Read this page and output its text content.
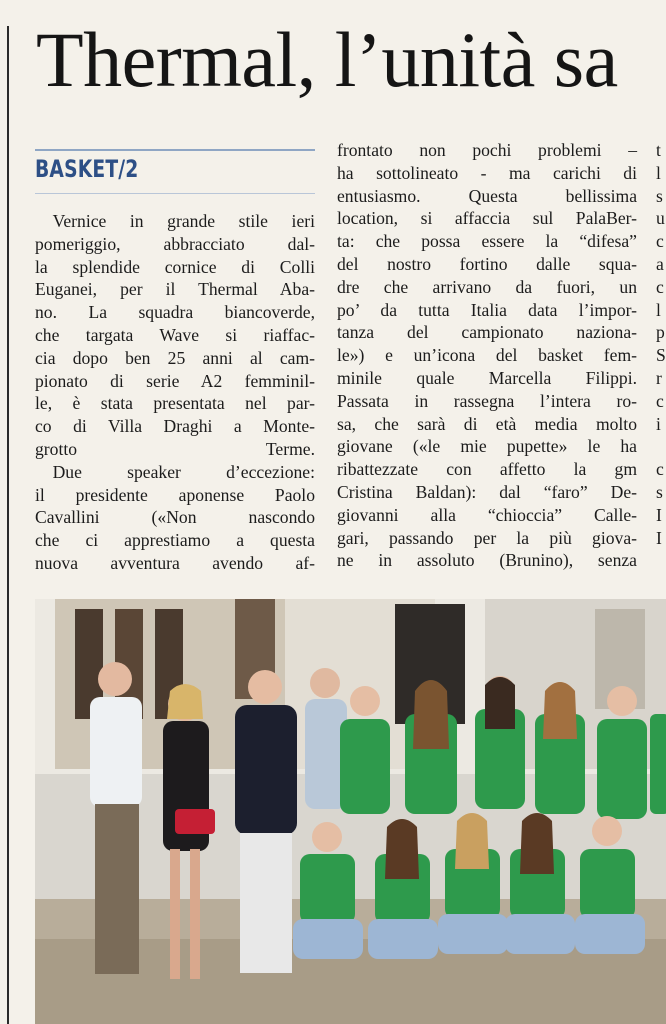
Thermal, l’unità sa
BASKET/2
 Vernice in grande stile ieri
pomeriggio, abbracciato dal-
la splendide cornice di Colli
Euganei, per il Thermal Aba-
no. La squadra biancoverde,
che targata Wave si riaffac-
cia dopo ben 25 anni al cam-
pionato di serie A2 femminil-
le, è stata presentata nel par-
co di Villa Draghi a Monte-
grotto Terme.
 Due speaker d’eccezione:
il presidente aponense Paolo
Cavallini («Non nascondo
che ci apprestiamo a questa
nuova avventura avendo af-
frontato non pochi problemi –
ha sottolineato - ma carichi di
entusiasmo. Questa bellissima
location, si affaccia sul PalaBer-
ta: che possa essere la “difesa”
del nostro fortino dalle squa-
dre che arrivano da fuori, un
po’ da tutta Italia data l’impor-
tanza del campionato naziona-
le») e un’icona del basket fem-
minile quale Marcella Filippi.
Passata in rassegna l’intera ro-
sa, che sarà di età media molto
giovane («le mie pupette» le ha
ribattezzate con affetto la gm
Cristina Baldan): dal “faro” De-
giovanni alla “chioccia” Calle-
gari, passando per la più giova-
ne in assoluto (Brunino), senza
t
l
s
u
c
a
c
l
p
S
r
c
i

c
s
I
I
